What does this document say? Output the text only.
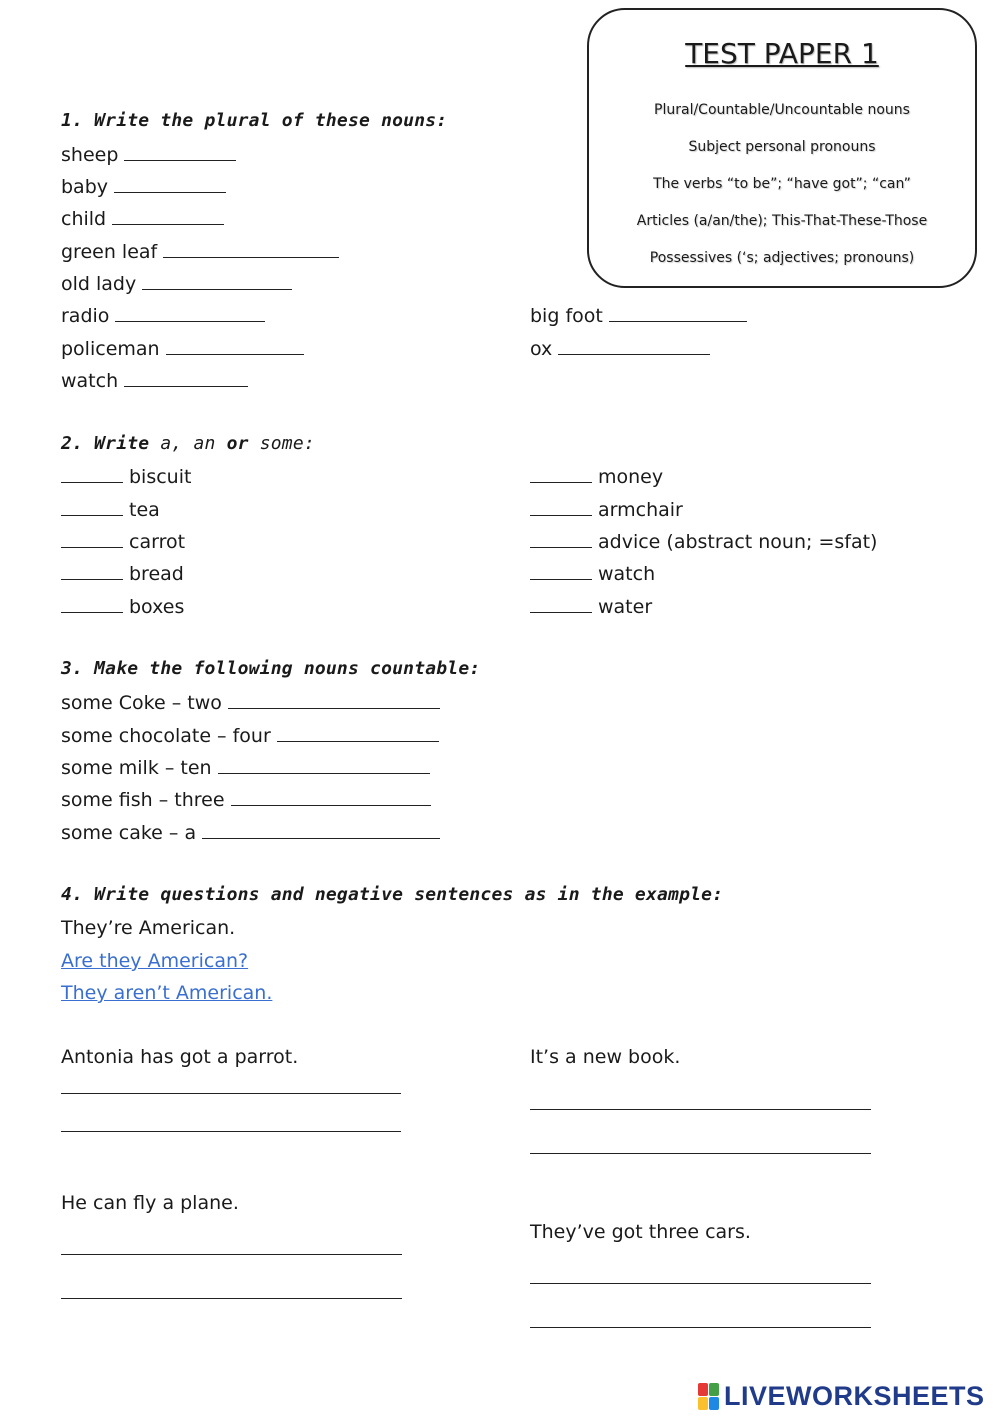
TEST PAPER 1
Plural/Countable/Uncountable nouns
Subject personal pronouns
The verbs “to be”; “have got”; “can”
Articles (a/an/the); This-That-These-Those
Possessives (‘s; adjectives; pronouns)
1. Write the plural of these nouns:
sheep
baby
child
green leaf
old lady
radio
policeman
watch
big foot
ox
2. Write a, an or some:
biscuit
tea
carrot
bread
boxes
money
armchair
advice (abstract noun; =sfat)
watch
water
3. Make the following nouns countable:
some Coke – two
some chocolate – four
some milk – ten
some fish – three
some cake – a
4. Write questions and negative sentences as in the example:
They’re American.
Are they American?
They aren’t American.
Antonia has got a parrot.	It’s a new book.
He can fly a plane.
They’ve got three cars.
LIVEWORKSHEETS
